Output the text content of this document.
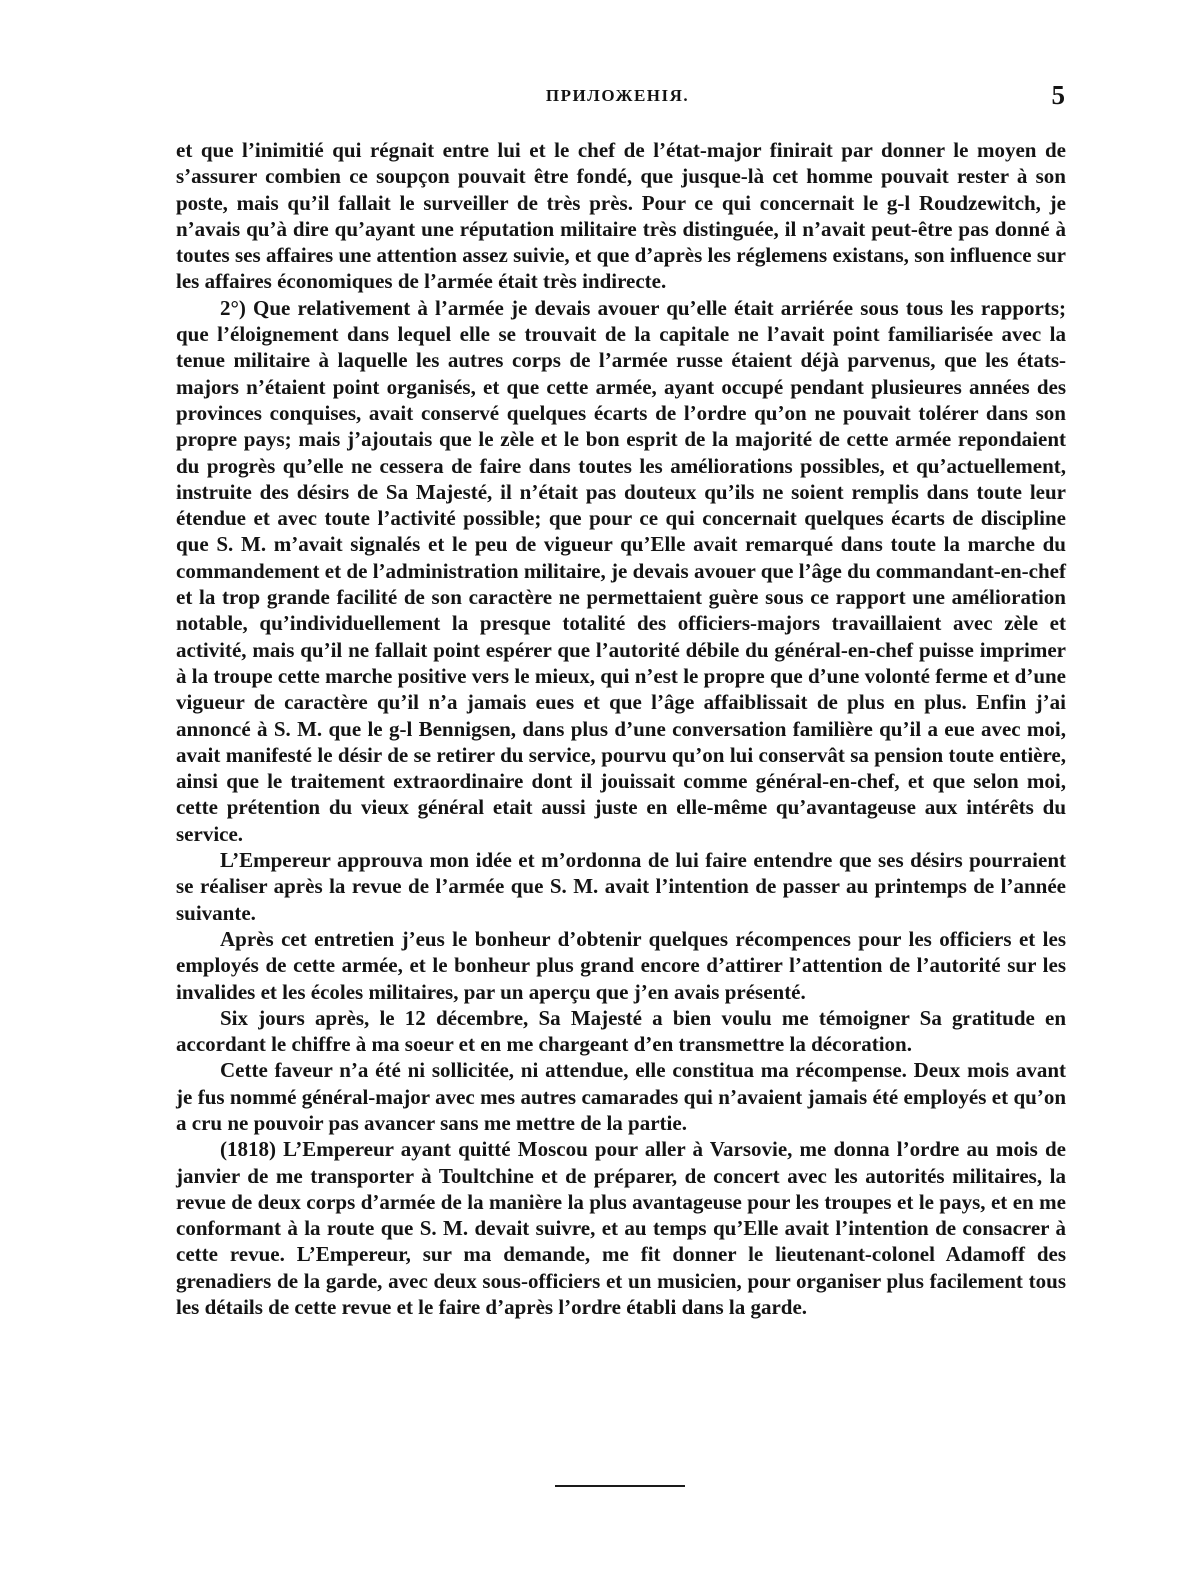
ПРИЛОЖЕНІЯ.	5

et que l’inimitié qui régnait entre lui et le chef de l’état-major finirait par donner le moyen de s’assurer combien ce soupçon pouvait être fondé, que jusque-là cet homme pouvait rester à son poste, mais qu’il fallait le surveiller de très près. Pour ce qui concernait le g-l Roudzewitch, je n’avais qu’à dire qu’ayant une réputation militaire très distinguée, il n’avait peut-être pas donné à toutes ses affaires une attention assez suivie, et que d’après les réglemens existans, son influence sur les affaires économiques de l’armée était très indirecte.

2°) Que relativement à l’armée je devais avouer qu’elle était arriérée sous tous les rapports; que l’éloignement dans lequel elle se trouvait de la capitale ne l’avait point familiarisée avec la tenue militaire à laquelle les autres corps de l’armée russe étaient déjà parvenus, que les états-majors n’étaient point organisés, et que cette armée, ayant occupé pendant plusieures années des provinces conquises, avait conservé quelques écarts de l’ordre qu’on ne pouvait tolérer dans son propre pays; mais j’ajoutais que le zèle et le bon esprit de la majorité de cette armée repondaient du progrès qu’elle ne cessera de faire dans toutes les améliorations possibles, et qu’actuellement, instruite des désirs de Sa Majesté, il n’était pas douteux qu’ils ne soient remplis dans toute leur étendue et avec toute l’activité possible; que pour ce qui concernait quelques écarts de discipline que S. M. m’avait signalés et le peu de vigueur qu’Elle avait remarqué dans toute la marche du commandement et de l’administration militaire, je devais avouer que l’âge du commandant-en-chef et la trop grande facilité de son caractère ne permettaient guère sous ce rapport une amélioration notable, qu’individuellement la presque totalité des officiers-majors travaillaient avec zèle et activité, mais qu’il ne fallait point espérer que l’autorité débile du général-en-chef puisse imprimer à la troupe cette marche positive vers le mieux, qui n’est le propre que d’une volonté ferme et d’une vigueur de caractère qu’il n’a jamais eues et que l’âge affaiblissait de plus en plus. Enfin j’ai annoncé à S. M. que le g-l Bennigsen, dans plus d’une conversation familière qu’il a eue avec moi, avait manifesté le désir de se retirer du service, pourvu qu’on lui conservât sa pension toute entière, ainsi que le traitement extraordinaire dont il jouissait comme général-en-chef, et que selon moi, cette prétention du vieux général etait aussi juste en elle-même qu’avantageuse aux intérêts du service.

L’Empereur approuva mon idée et m’ordonna de lui faire entendre que ses désirs pourraient se réaliser après la revue de l’armée que S. M. avait l’intention de passer au printemps de l’année suivante.

Après cet entretien j’eus le bonheur d’obtenir quelques récompences pour les officiers et les employés de cette armée, et le bonheur plus grand encore d’attirer l’attention de l’autorité sur les invalides et les écoles militaires, par un aperçu que j’en avais présenté.

Six jours après, le 12 décembre, Sa Majesté a bien voulu me témoigner Sa gratitude en accordant le chiffre à ma soeur et en me chargeant d’en transmettre la décoration.

Cette faveur n’a été ni sollicitée, ni attendue, elle constitua ma récompense. Deux mois avant je fus nommé général-major avec mes autres camarades qui n’avaient jamais été employés et qu’on a cru ne pouvoir pas avancer sans me mettre de la partie.

(1818) L’Empereur ayant quitté Moscou pour aller à Varsovie, me donna l’ordre au mois de janvier de me transporter à Toultchine et de préparer, de concert avec les autorités militaires, la revue de deux corps d’armée de la manière la plus avantageuse pour les troupes et le pays, et en me conformant à la route que S. M. devait suivre, et au temps qu’Elle avait l’intention de consacrer à cette revue. L’Empereur, sur ma demande, me fit donner le lieutenant-colonel Adamoff des grenadiers de la garde, avec deux sous-officiers et un musicien, pour organiser plus facilement tous les détails de cette revue et le faire d’après l’ordre établi dans la garde.
